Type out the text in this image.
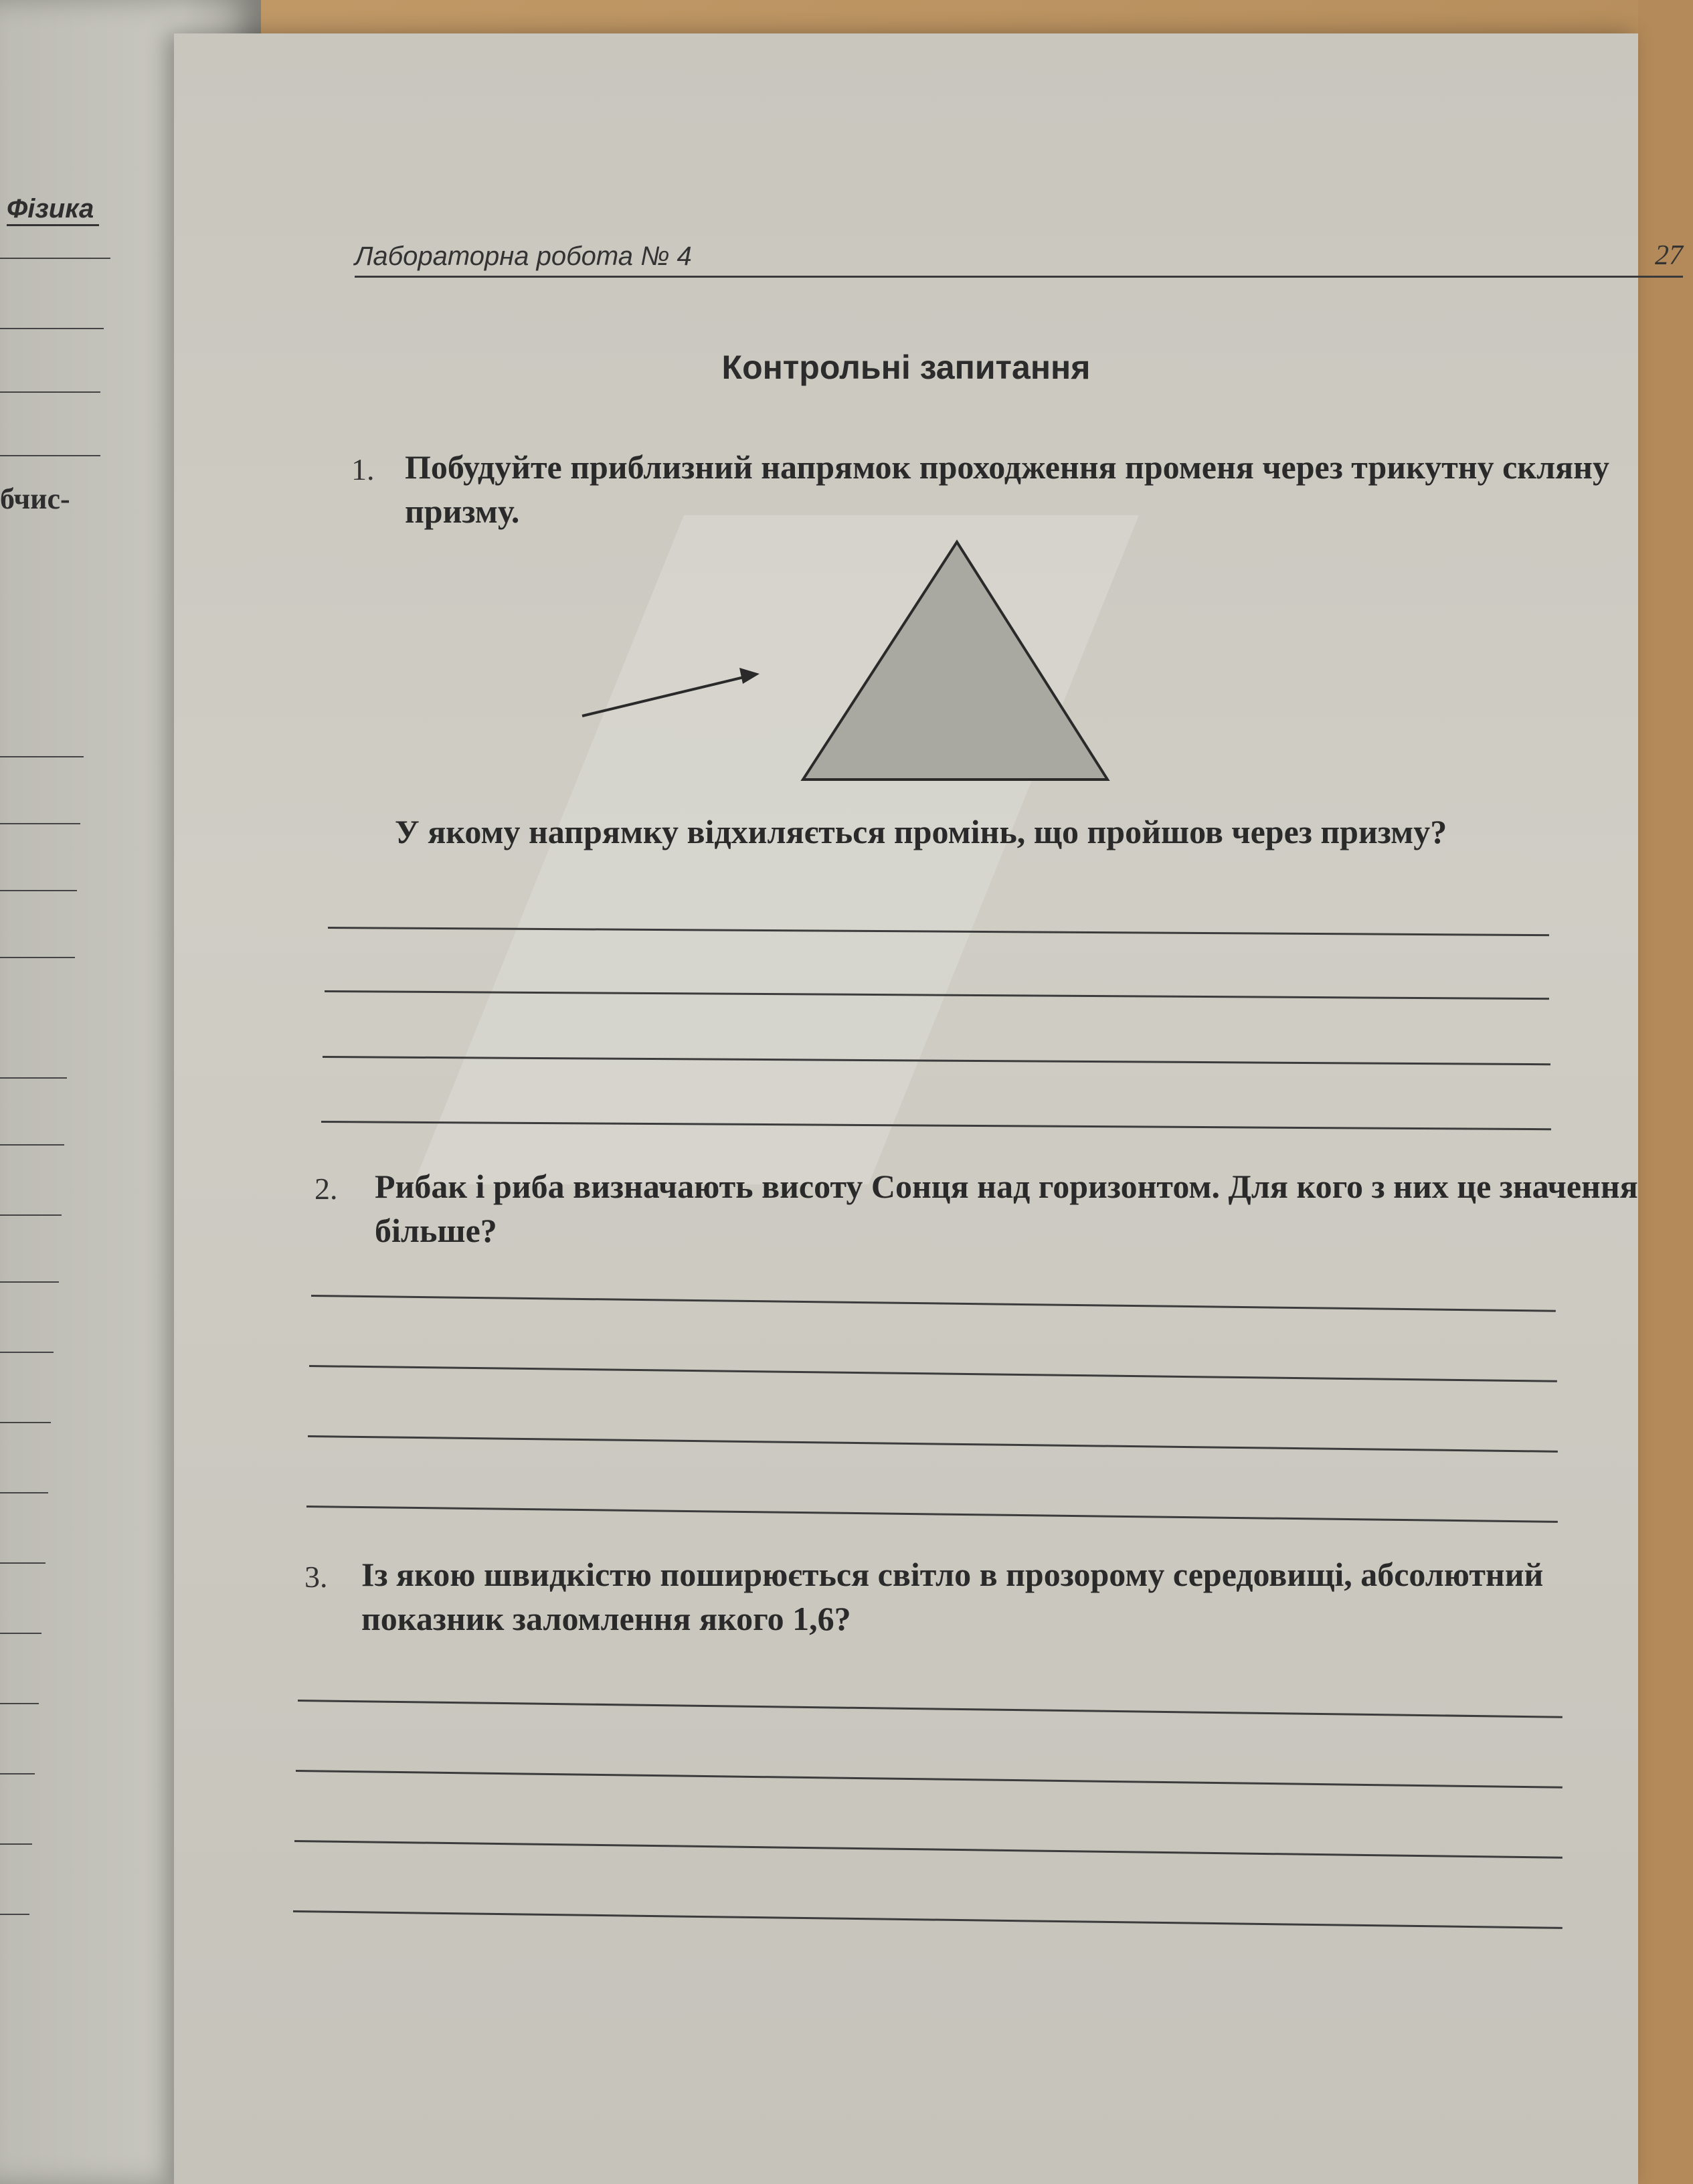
Фізика
бчис-
Лабораторна робота № 4	27
Контрольні запитання
1. Побудуйте приблизний напрямок проходження променя через трикутну скляну призму.
У якому напрямку відхиляється промінь, що пройшов через призму?
2. Рибак і риба визначають висоту Сонця над горизонтом. Для кого з них це значення більше?
3. Із якою швидкістю поширюється світло в прозорому середовищі, абсолютний показник заломлення якого 1,6?
